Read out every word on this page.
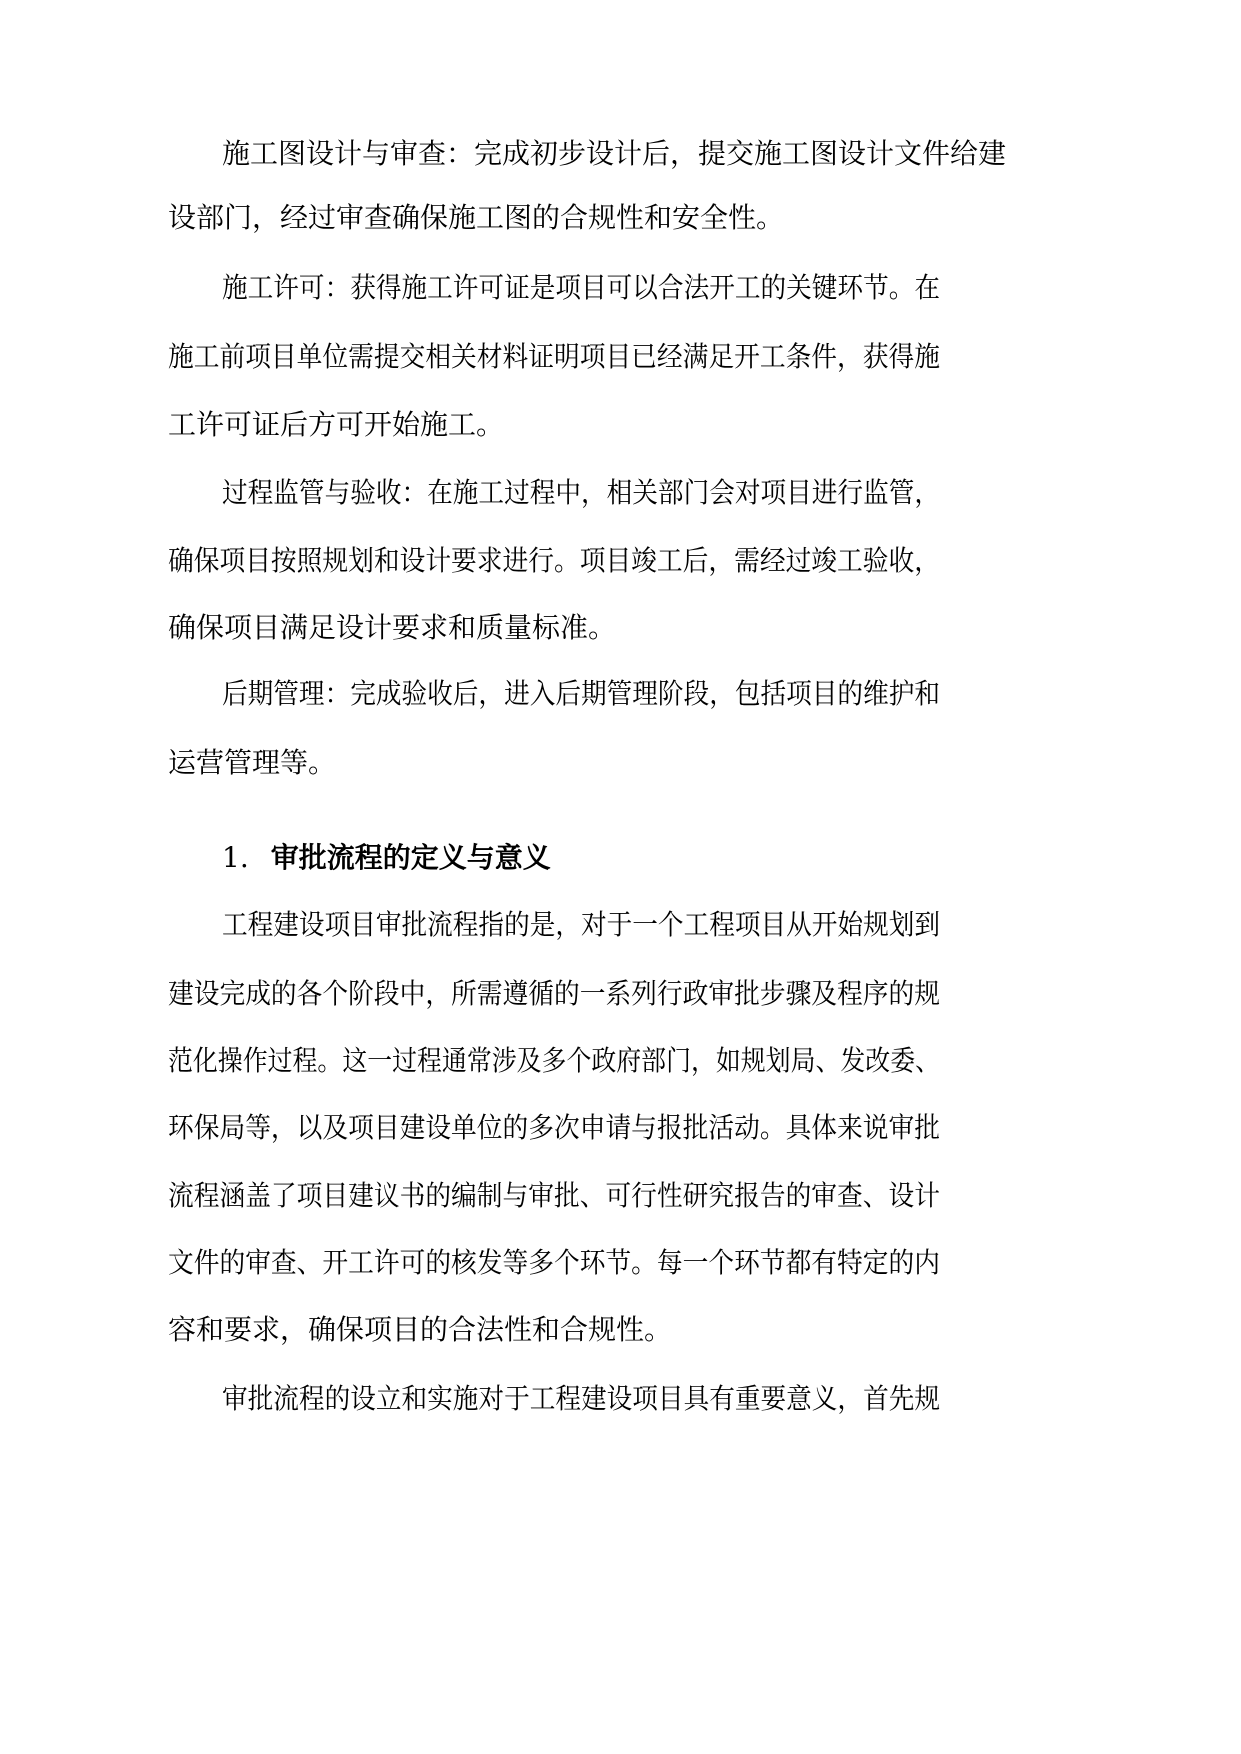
施工图设计与审查：完成初步设计后，提交施工图设计文件给建
设部门，经过审查确保施工图的合规性和安全性。
施工许可：获得施工许可证是项目可以合法开工的关键环节。在
施工前项目单位需提交相关材料证明项目已经满足开工条件，获得施
工许可证后方可开始施工。
过程监管与验收：在施工过程中，相关部门会对项目进行监管，
确保项目按照规划和设计要求进行。项目竣工后，需经过竣工验收，
确保项目满足设计要求和质量标准。
后期管理：完成验收后，进入后期管理阶段，包括项目的维护和
运营管理等。
1. 审批流程的定义与意义
工程建设项目审批流程指的是，对于一个工程项目从开始规划到
建设完成的各个阶段中，所需遵循的一系列行政审批步骤及程序的规
范化操作过程。这一过程通常涉及多个政府部门，如规划局、发改委、
环保局等，以及项目建设单位的多次申请与报批活动。具体来说审批
流程涵盖了项目建议书的编制与审批、可行性研究报告的审查、设计
文件的审查、开工许可的核发等多个环节。每一个环节都有特定的内
容和要求，确保项目的合法性和合规性。
审批流程的设立和实施对于工程建设项目具有重要意义，首先规
